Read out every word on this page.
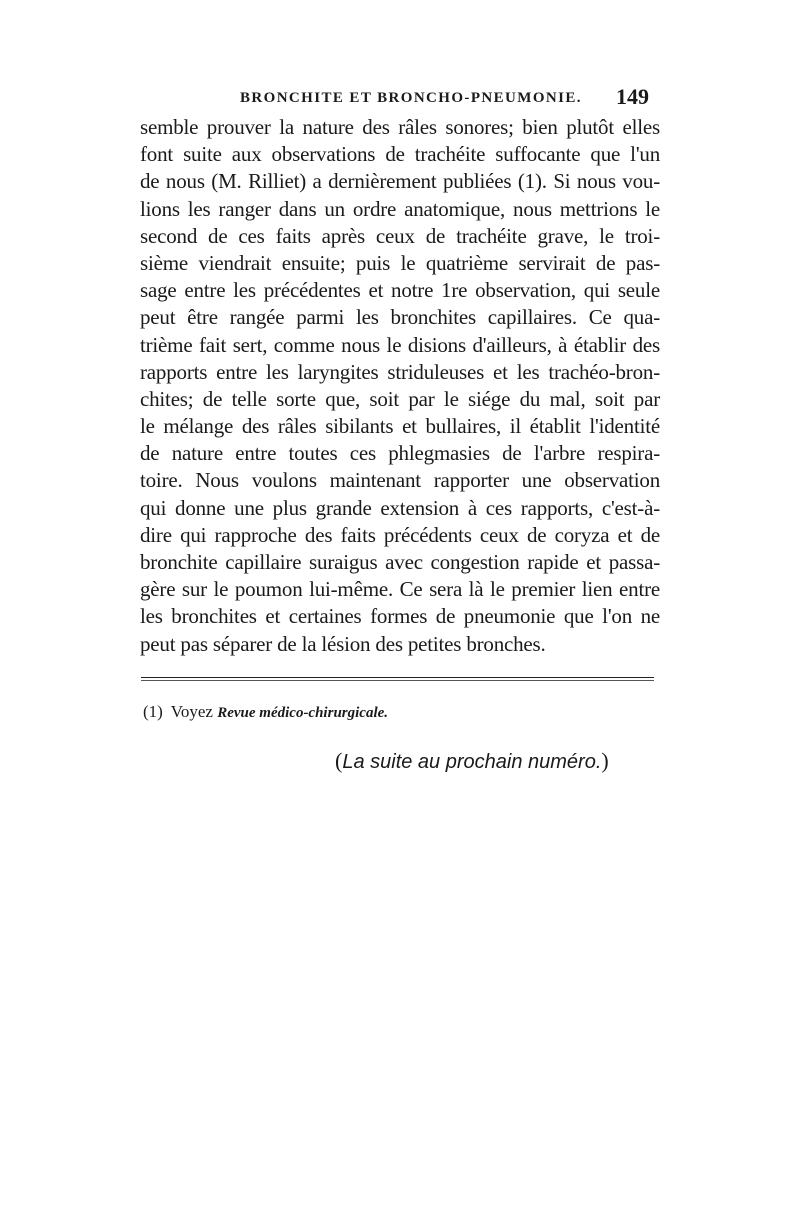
BRONCHITE ET BRONCHO-PNEUMONIE. 149
semble prouver la nature des râles sonores; bien plutôt elles
font suite aux observations de trachéite suffocante que l'un
de nous (M. Rilliet) a dernièrement publiées (1). Si nous vou-
lions les ranger dans un ordre anatomique, nous mettrions le
second de ces faits après ceux de trachéite grave, le troi-
sième viendrait ensuite; puis le quatrième servirait de pas-
sage entre les précédentes et notre 1re observation, qui seule
peut être rangée parmi les bronchites capillaires. Ce qua-
trième fait sert, comme nous le disions d'ailleurs, à établir des
rapports entre les laryngites striduleuses et les trachéo-bron-
chites; de telle sorte que, soit par le siége du mal, soit par
le mélange des râles sibilants et bullaires, il établit l'identité
de nature entre toutes ces phlegmasies de l'arbre respira-
toire. Nous voulons maintenant rapporter une observation
qui donne une plus grande extension à ces rapports, c'est-à-
dire qui rapproche des faits précédents ceux de coryza et de
bronchite capillaire suraigus avec congestion rapide et passa-
gère sur le poumon lui-même. Ce sera là le premier lien entre
les bronchites et certaines formes de pneumonie que l'on ne
peut pas séparer de la lésion des petites bronches.
(1) Voyez Revue médico-chirurgicale.
(La suite au prochain numéro.)
